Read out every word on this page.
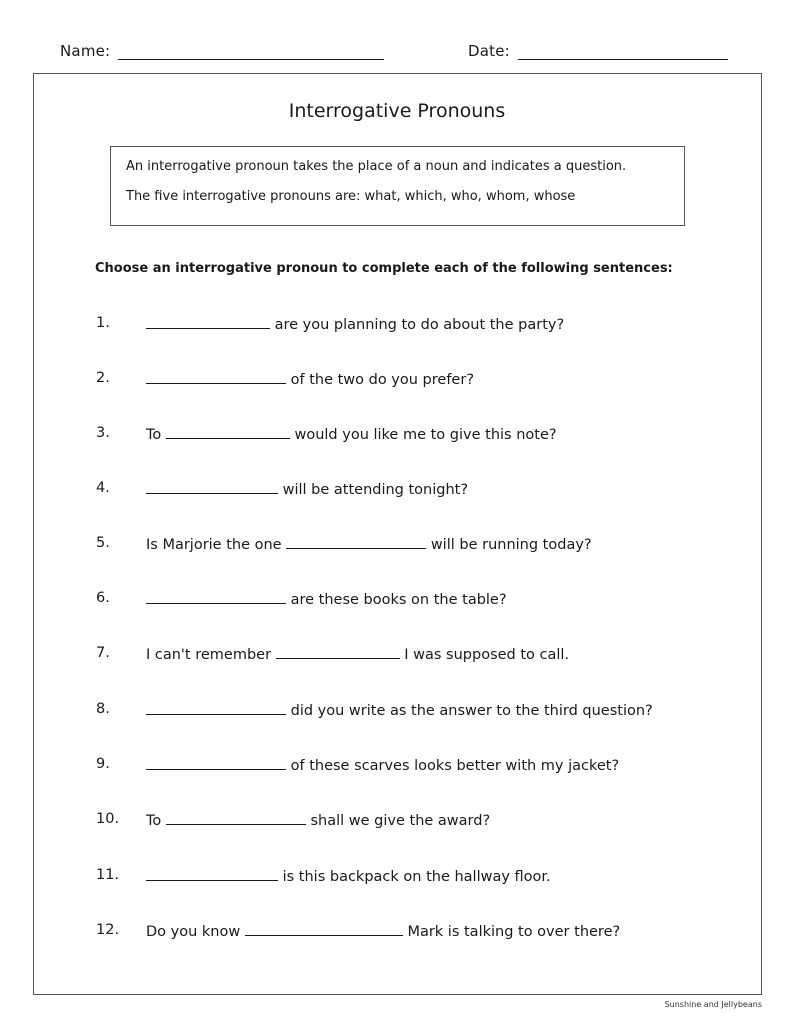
Name:	Date:
Interrogative Pronouns
An interrogative pronoun takes the place of a noun and indicates a question.
The five interrogative pronouns are: what, which, who, whom, whose
Choose an interrogative pronoun to complete each of the following sentences:
1.	are you planning to do about the party?
2.	of the two do you prefer?
3. To	would you like me to give this note?
4.	will be attending tonight?
5. Is Marjorie the one	will be running today?
6.	are these books on the table?
7. I can't remember	I was supposed to call.
8.	did you write as the answer to the third question?
9.	of these scarves looks better with my jacket?
10. To	shall we give the award?
11.	is this backpack on the hallway floor.
12. Do you know	Mark is talking to over there?
Sunshine and Jellybeans
